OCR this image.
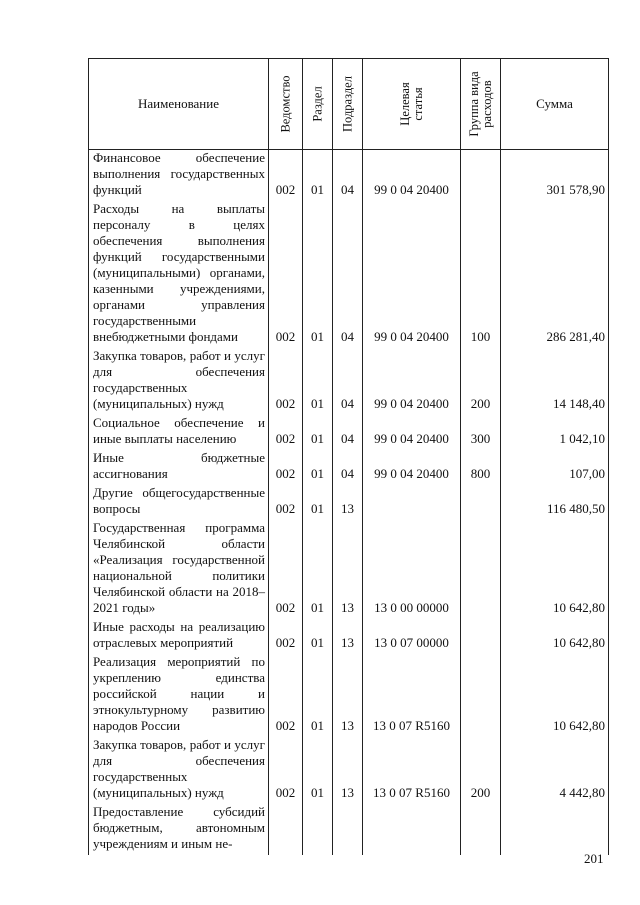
Наименование	Ведомство	Раздел	Подраздел	Целевая статья	Группа вида расходов	Сумма
Финансовое обеспечение выполнения государственных функций	002	01	04	99 0 04 20400		301 578,90
Расходы на выплаты персоналу в целях обеспечения выполнения функций государственными (муниципальными) органами, казенными учреждениями, органами управления государственными внебюджетными фондами	002	01	04	99 0 04 20400	100	286 281,40
Закупка товаров, работ и услуг для обеспечения государственных (муниципальных) нужд	002	01	04	99 0 04 20400	200	14 148,40
Социальное обеспечение и иные выплаты населению	002	01	04	99 0 04 20400	300	1 042,10
Иные бюджетные ассигнования	002	01	04	99 0 04 20400	800	107,00
Другие общегосударственные вопросы	002	01	13			116 480,50
Государственная программа Челябинской области «Реализация государственной национальной политики Челябинской области на 2018–2021 годы»	002	01	13	13 0 00 00000		10 642,80
Иные расходы на реализацию отраслевых мероприятий	002	01	13	13 0 07 00000		10 642,80
Реализация мероприятий по укреплению единства российской нации и этнокультурному развитию народов России	002	01	13	13 0 07 R5160		10 642,80
Закупка товаров, работ и услуг для обеспечения государственных (муниципальных) нужд	002	01	13	13 0 07 R5160	200	4 442,80
Предоставление субсидий бюджетным, автономным учреждениям и иным не-						
201
